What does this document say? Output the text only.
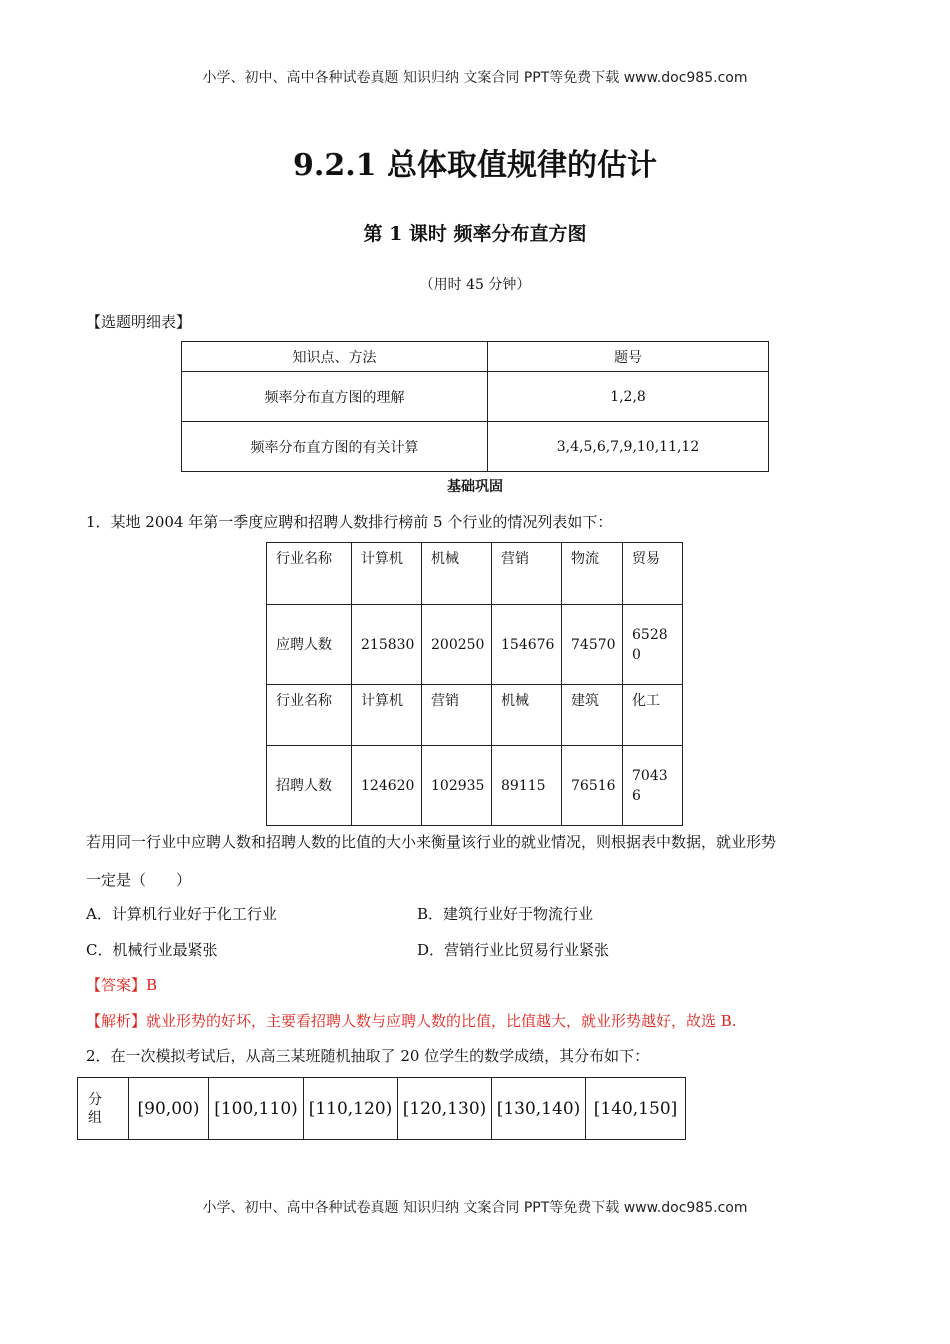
小学、初中、高中各种试卷真题 知识归纳 文案合同 PPT等免费下载 www.doc985.com
9.2.1 总体取值规律的估计
第 1 课时 频率分布直方图
（用时 45 分钟）
【选题明细表】
知识点、方法	题号
频率分布直方图的理解	1,2,8
频率分布直方图的有关计算	3,4,5,6,7,9,10,11,12
基础巩固
1．某地 2004 年第一季度应聘和招聘人数排行榜前 5 个行业的情况列表如下：
行业名称	计算机	机械	营销	物流	贸易
应聘人数	215830	200250	154676	74570	65280
行业名称	计算机	营销	机械	建筑	化工
招聘人数	124620	102935	89115	76516	70436
若用同一行业中应聘人数和招聘人数的比值的大小来衡量该行业的就业情况，则根据表中数据，就业形势
一定是（　　）
A．计算机行业好于化工行业	B．建筑行业好于物流行业
C．机械行业最紧张	D．营销行业比贸易行业紧张
【答案】B
【解析】就业形势的好坏，主要看招聘人数与应聘人数的比值，比值越大，就业形势越好，故选 B.
2．在一次模拟考试后，从高三某班随机抽取了 20 位学生的数学成绩，其分布如下：
分组	[90,00)	[100,110)	[110,120)	[120,130)	[130,140)	[140,150]
小学、初中、高中各种试卷真题 知识归纳 文案合同 PPT等免费下载 www.doc985.com
